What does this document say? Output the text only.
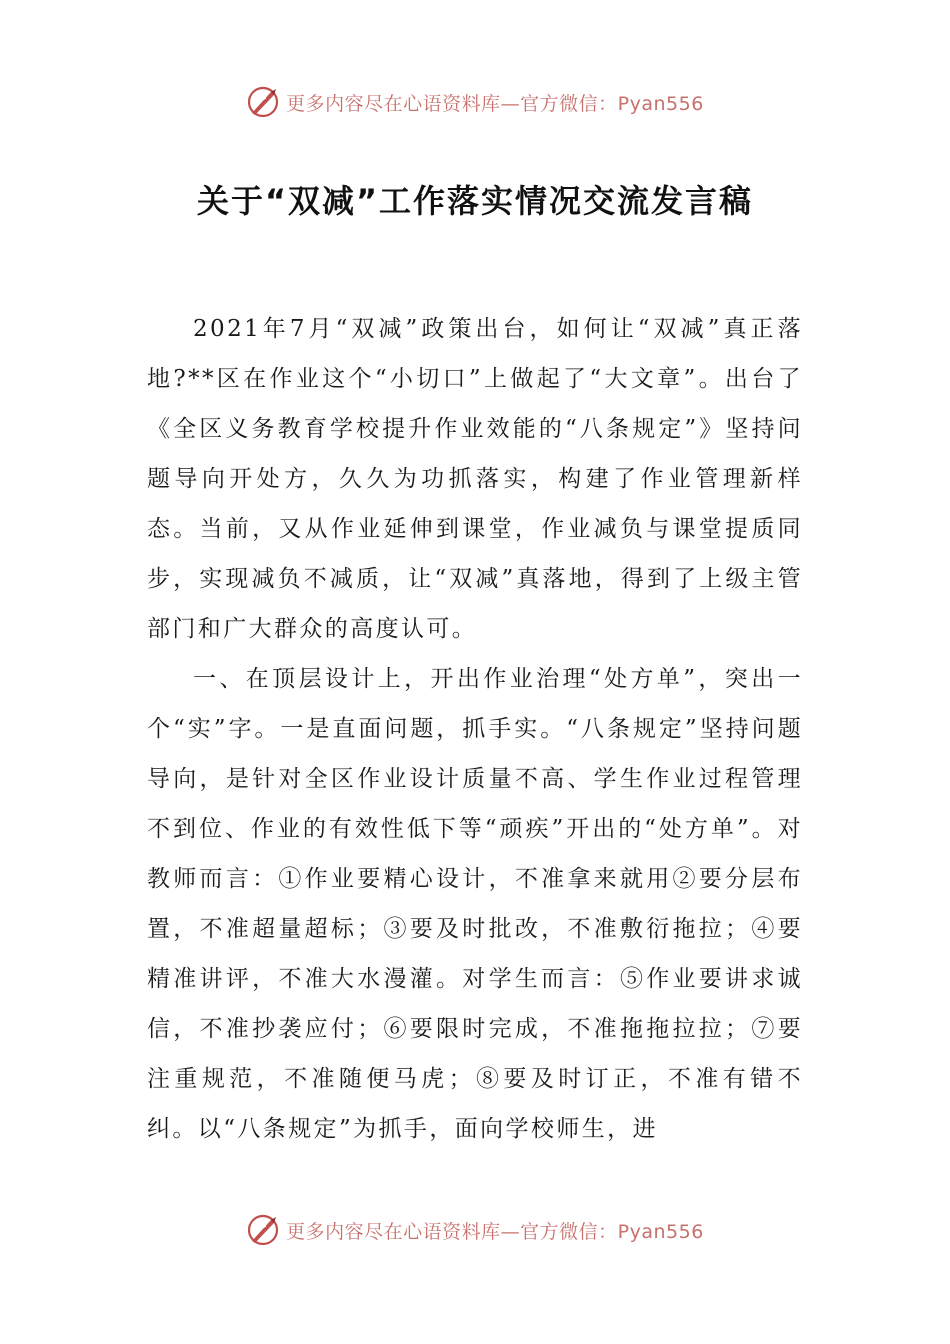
更多内容尽在心语资料库—官方微信：Pyan556
关于“双减”工作落实情况交流发言稿

2021年7月“双减”政策出台，如何让“双减”真正落地?**区在作业这个“小切口”上做起了“大文章”。出台了《全区义务教育学校提升作业效能的“八条规定”》坚持问题导向开处方，久久为功抓落实，构建了作业管理新样态。当前，又从作业延伸到课堂，作业减负与课堂提质同步，实现减负不减质，让“双减”真落地，得到了上级主管部门和广大群众的高度认可。

一、在顶层设计上，开出作业治理“处方单”，突出一个“实”字。一是直面问题，抓手实。“八条规定”坚持问题导向，是针对全区作业设计质量不高、学生作业过程管理不到位、作业的有效性低下等“顽疾”开出的“处方单”。对教师而言：①作业要精心设计，不准拿来就用②要分层布置，不准超量超标；③要及时批改，不准敷衍拖拉；④要精准讲评，不准大水漫灌。对学生而言：⑤作业要讲求诚信，不准抄袭应付；⑥要限时完成，不准拖拖拉拉；⑦要注重规范，不准随便马虎；⑧要及时订正，不准有错不纠。以“八条规定”为抓手，面向学校师生，进

更多内容尽在心语资料库—官方微信：Pyan556
